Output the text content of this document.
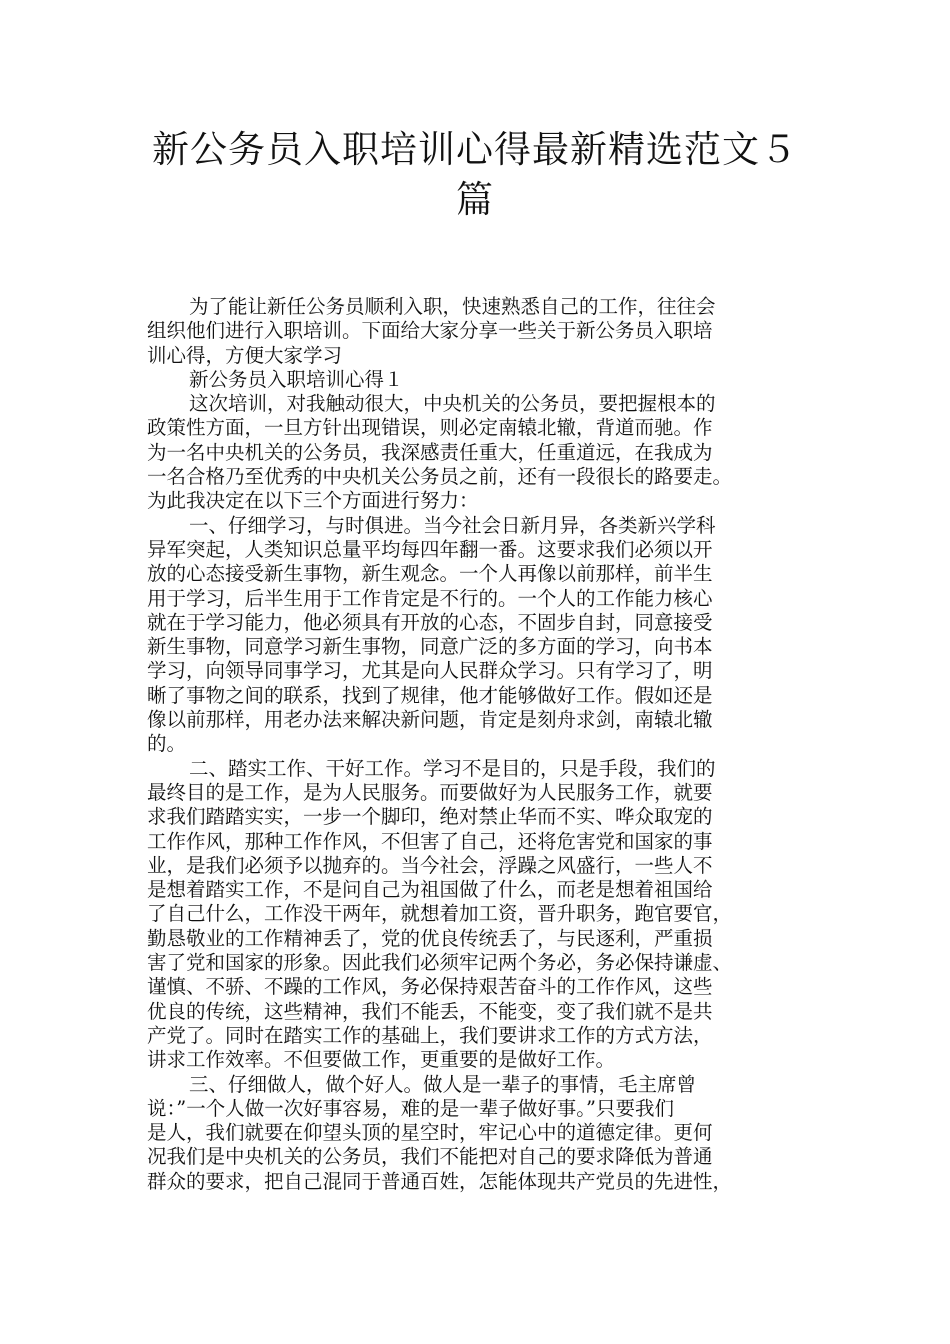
新公务员入职培训心得最新精选范文５
篇
为了能让新任公务员顺利入职，快速熟悉自己的工作，往往会
组织他们进行入职培训。下面给大家分享一些关于新公务员入职培
训心得，方便大家学习
新公务员入职培训心得１
这次培训，对我触动很大，中央机关的公务员，要把握根本的
政策性方面，一旦方针出现错误，则必定南辕北辙，背道而驰。作
为一名中央机关的公务员，我深感责任重大，任重道远，在我成为
一名合格乃至优秀的中央机关公务员之前，还有一段很长的路要走。
为此我决定在以下三个方面进行努力：
一、仔细学习，与时俱进。当今社会日新月异，各类新兴学科
异军突起，人类知识总量平均每四年翻一番。这要求我们必须以开
放的心态接受新生事物，新生观念。一个人再像以前那样，前半生
用于学习，后半生用于工作肯定是不行的。一个人的工作能力核心
就在于学习能力，他必须具有开放的心态，不固步自封，同意接受
新生事物，同意学习新生事物，同意广泛的多方面的学习，向书本
学习，向领导同事学习，尤其是向人民群众学习。只有学习了，明
晰了事物之间的联系，找到了规律，他才能够做好工作。假如还是
像以前那样，用老办法来解决新问题，肯定是刻舟求剑，南辕北辙
的。
二、踏实工作、干好工作。学习不是目的，只是手段，我们的
最终目的是工作，是为人民服务。而要做好为人民服务工作，就要
求我们踏踏实实，一步一个脚印，绝对禁止华而不实、哗众取宠的
工作作风，那种工作作风，不但害了自己，还将危害党和国家的事
业，是我们必须予以抛弃的。当今社会，浮躁之风盛行，一些人不
是想着踏实工作，不是问自己为祖国做了什么，而老是想着祖国给
了自己什么，工作没干两年，就想着加工资，晋升职务，跑官要官，
勤恳敬业的工作精神丢了，党的优良传统丢了，与民逐利，严重损
害了党和国家的形象。因此我们必须牢记两个务必，务必保持谦虚、
谨慎、不骄、不躁的工作风，务必保持艰苦奋斗的工作作风，这些
优良的传统，这些精神，我们不能丢，不能变，变了我们就不是共
产党了。同时在踏实工作的基础上，我们要讲求工作的方式方法，
讲求工作效率。不但要做工作，更重要的是做好工作。
三、仔细做人，做个好人。做人是一辈子的事情，毛主席曾
说：”一个人做一次好事容易，难的是一辈子做好事。”只要我们
是人，我们就要在仰望头顶的星空时，牢记心中的道德定律。更何
况我们是中央机关的公务员，我们不能把对自己的要求降低为普通
群众的要求，把自己混同于普通百姓，怎能体现共产党员的先进性，
